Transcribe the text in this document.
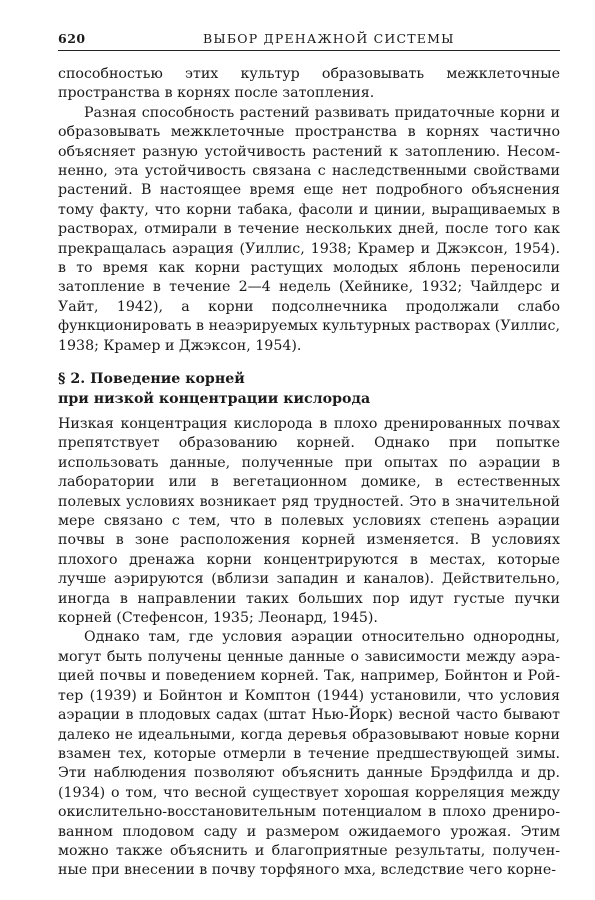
620	ВЫБОР ДРЕНАЖНОЙ СИСТЕМЫ

способностью этих культур образовывать межклеточные пространства в корнях после затопления.

Разная способность растений развивать придаточные корни и образовывать межклеточные пространства в корнях частично объясняет разную устойчивость растений к затоплению. Несомненно, эта устойчивость связана с наследственными свойствами растений. В настоящее время еще нет подробного объяснения тому факту, что корни табака, фасоли и цинии, выращиваемых в растворах, отмирали в течение нескольких дней, после того как прекращалась аэрация (Уиллис, 1938; Крамер и Джэксон, 1954). в то время как корни растущих молодых яблонь переносили затопление в течение 2—4 недель (Хейнике, 1932; Чайлдерс и Уайт, 1942), а корни подсолнечника продолжали слабо функционировать в неаэрируемых культурных растворах (Уиллис, 1938; Крамер и Джэксон, 1954).

§ 2. Поведение корней
при низкой концентрации кислорода

Низкая концентрация кислорода в плохо дренированных почвах препятствует образованию корней. Однако при попытке использовать данные, полученные при опытах по аэрации в лаборатории или в вегетационном домике, в естественных полевых условиях возникает ряд трудностей. Это в значительной мере связано с тем, что в полевых условиях степень аэрации почвы в зоне расположения корней изменяется. В условиях плохого дренажа корни концентрируются в местах, которые лучше аэрируются (вблизи западин и каналов). Действительно, иногда в направлении таких больших пор идут густые пучки корней (Стефенсон, 1935; Леонард, 1945).

Однако там, где условия аэрации относительно однородны, могут быть получены ценные данные о зависимости между аэрацией почвы и поведением корней. Так, например, Бойнтон и Ройтер (1939) и Бойнтон и Комптон (1944) установили, что условия аэрации в плодовых садах (штат Нью-Йорк) весной часто бывают далеко не идеальными, когда деревья образовывают новые корни взамен тех, которые отмерли в течение предшествующей зимы. Эти наблюдения позволяют объяснить данные Брэдфилда и др. (1934) о том, что весной существует хорошая корреляция между окислительно-восстановительным потенциалом в плохо дренированном плодовом саду и размером ожидаемого урожая. Этим можно также объяснить и благоприятные результаты, полученные при внесении в почву торфяного мха, вследствие чего корне-
